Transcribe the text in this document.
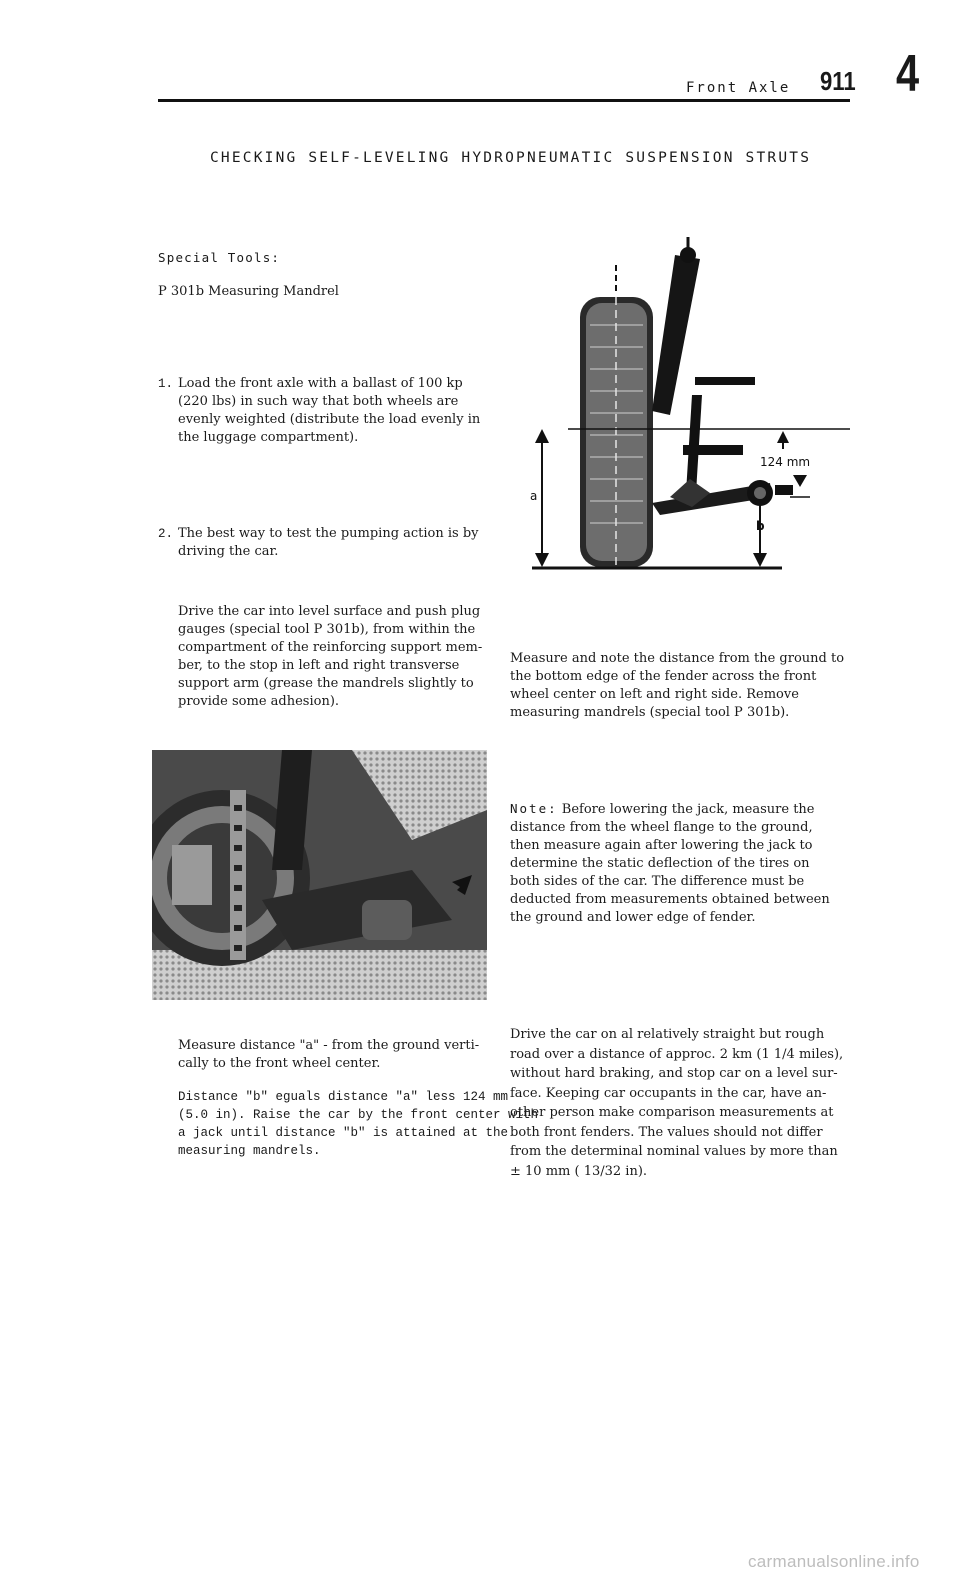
Front Axle 911 4
CHECKING SELF-LEVELING HYDROPNEUMATIC SUSPENSION STRUTS
Special Tools:
P 301b Measuring Mandrel
1. Load the front axle with a ballast of 100 kp

(220 lbs) in such way that both wheels are

evenly weighted (distribute the load evenly in

the luggage compartment).

2. The best way to test the pumping action is by

driving the car.

Drive the car into level surface and push plug

gauges (special tool P 301b), from within the

compartment of the reinforcing support mem-

ber, to the stop in left and right transverse

support arm (grease the mandrels slightly to

provide some adhesion).

124 mm
a
b

Measure and note the distance from the ground to

the bottom edge of the fender across the front

wheel center on left and right side. Remove

measuring mandrels (special tool P 301b).

Measure distance "a" - from the ground verti-

cally to the front wheel center.

Distance "b" eguals distance "a" less 124 mm

(5.0 in). Raise the car by the front center with

a jack until distance "b" is attained at the

measuring mandrels.

Note: Before lowering the jack, measure the

distance from the wheel flange to the ground,

then measure again after lowering the jack to

determine the static deflection of the tires on

both sides of the car. The difference must be

deducted from measurements obtained between

the ground and lower edge of fender.

Drive the car on al relatively straight but rough

road over a distance of approc. 2 km (1 1/4 miles),

without hard braking, and stop car on a level sur-

face. Keeping car occupants in the car, have an-

other person make comparison measurements at

both front fenders. The values should not differ

from the determinal nominal values by more than

± 10 mm ( 13/32 in).

carmanualsonline.info
